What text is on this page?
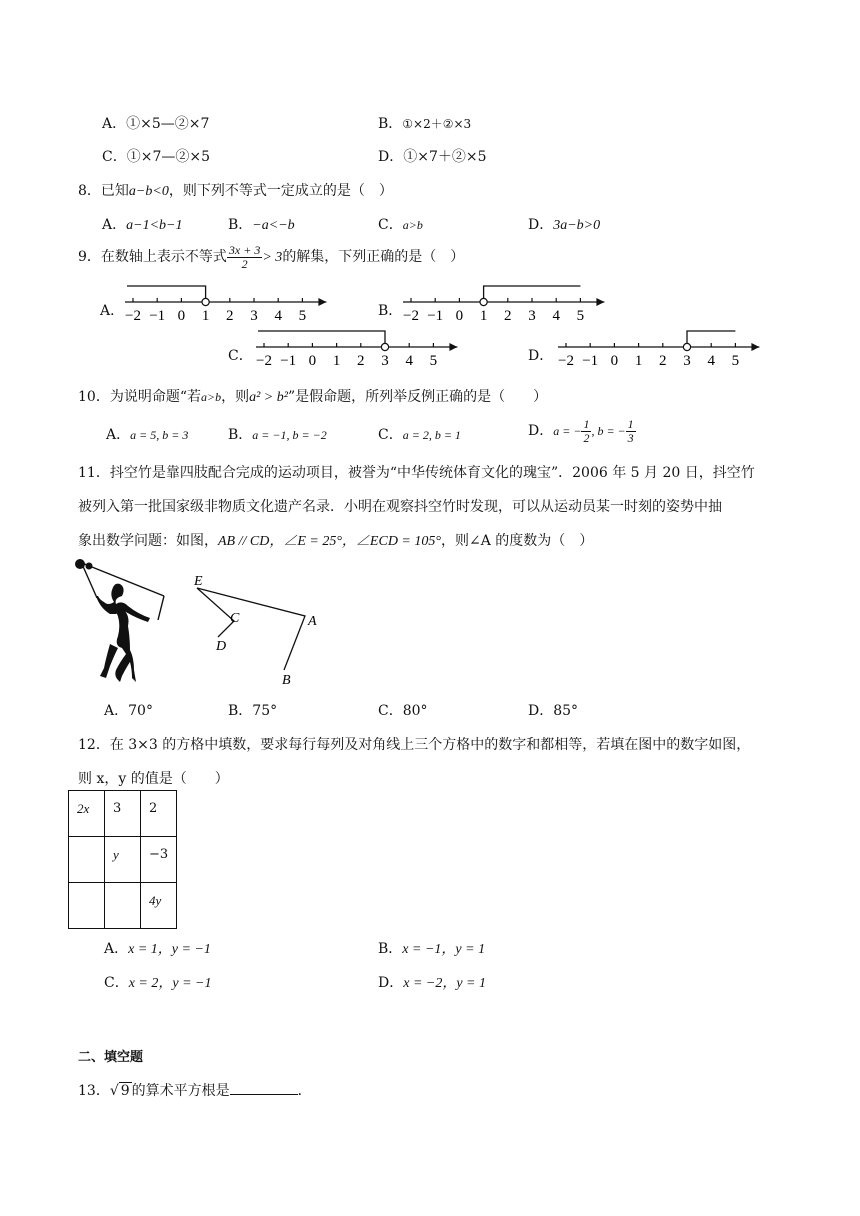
A．①×5—②×7	B．①×2＋②×3
C．①×7—②×5	D．①×7＋②×5
8．已知a−b<0，则下列不等式一定成立的是（　）
A．a−1<b−1	B．−a<−b	C．a>b	D．3a−b>0
9．在数轴上表示不等式 $\frac{3x + 3}{2} > 3$的解集，下列正确的是（　）
A．	B．
C．	D．
−2 −1 0 1 2 3 4 5	−2 −1 0 1 2 3 4 5
−2 −1 0 1 2 3 4 5	−2 −1 0 1 2 3 4 5
10．为说明命题“若a>b，则a² > b²”是假命题，所列举反例正确的是（　　）
A．a = 5, b = 3	B．a = −1, b = −2	C．a = 2, b = 1	D．a = − $\frac{1}{2}$ , b = − $\frac{1}{3}$
11．抖空竹是靠四肢配合完成的运动项目，被誉为“中华传统体育文化的瑰宝”．2006 年 5 月 20 日，抖空竹
被列入第一批国家级非物质文化遗产名录．小明在观察抖空竹时发现，可以从运动员某一时刻的姿势中抽
象出数学问题：如图，AB // CD，∠E = 25°，∠ECD = 105°，则∠A 的度数为（　）
E
C
D
A
B
A．70°	B．75°	C．80°	D．85°
12．在 3×3 的方格中填数，要求每行每列及对角线上三个方格中的数字和都相等，若填在图中的数字如图，
则 x，y 的值是（　　）
2x	3	2
	y	−3
		4y
A．x = 1，y = −1	B．x = −1，y = 1
C．x = 2，y = −1	D．x = −2，y = 1
二、填空题
13．√ 9 的算术平方根是	．
